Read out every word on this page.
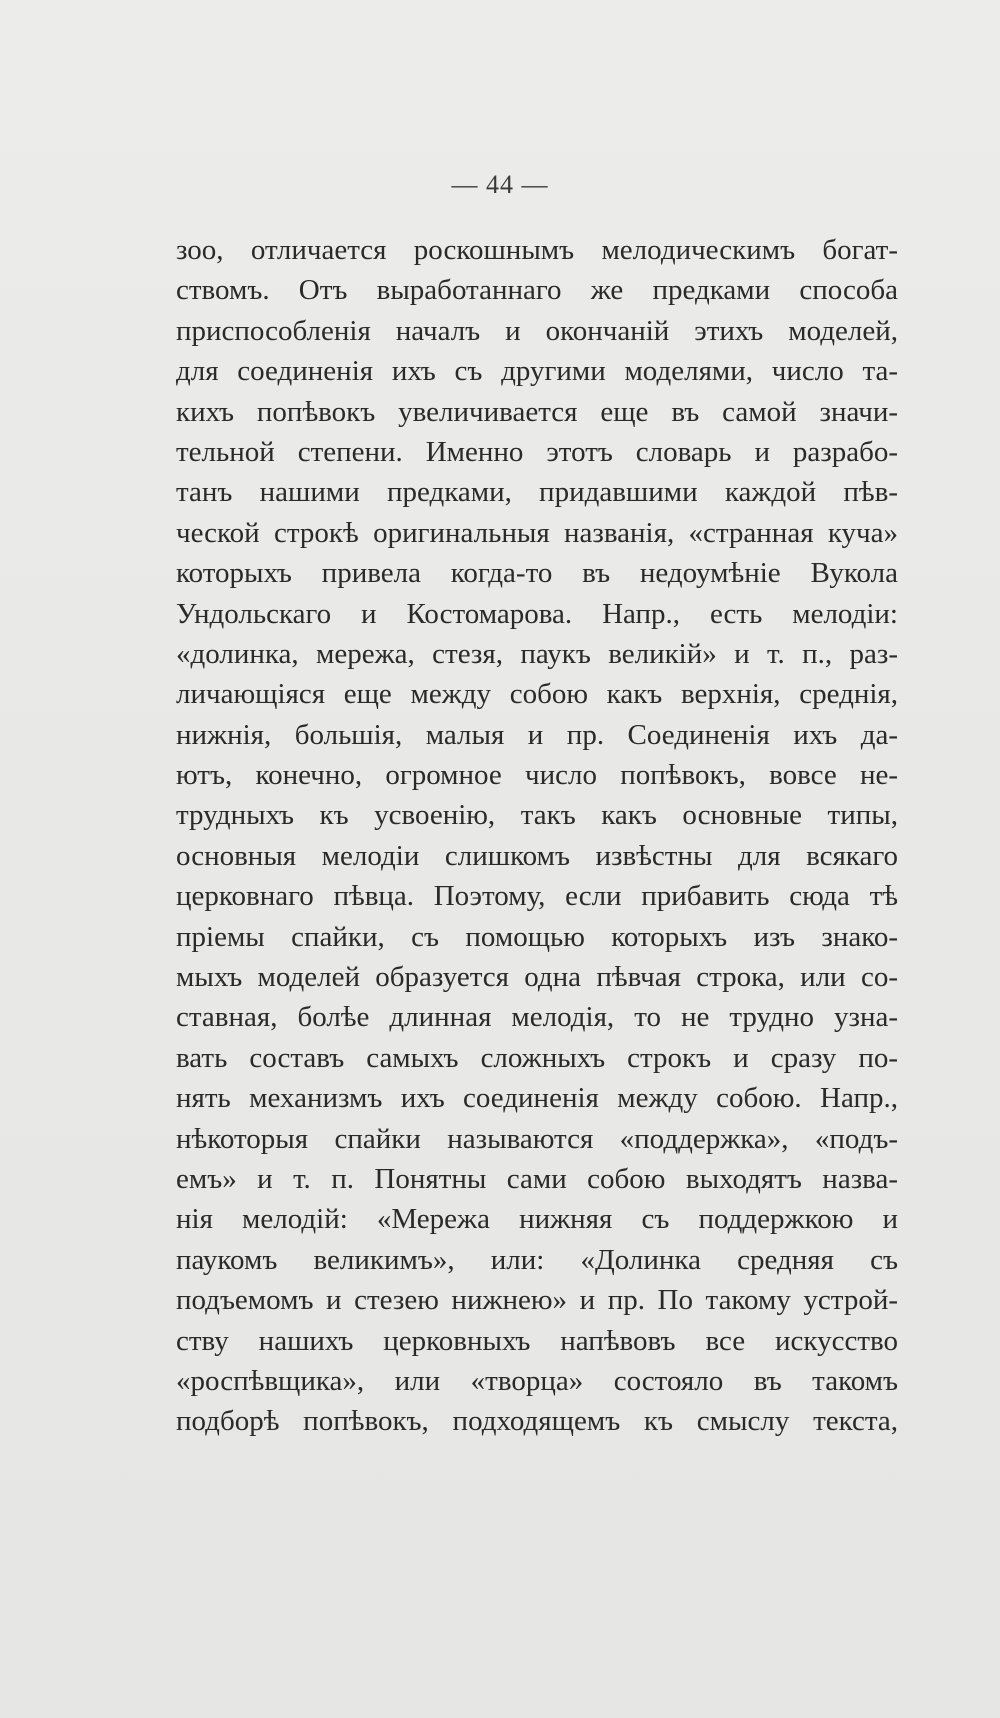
— 44 —
зоо, отличается роскошнымъ мелодическимъ богат-
ствомъ. Отъ выработаннаго же предками способа
приспособленія началъ и окончаній этихъ моделей,
для соединенія ихъ съ другими моделями, число та-
кихъ попѣвокъ увеличивается еще въ самой значи-
тельной степени. Именно этотъ словарь и разрабо-
танъ нашими предками, придавшими каждой пѣв-
ческой строкѣ оригинальныя названія, «странная куча»
которыхъ привела когда-то въ недоумѣніе Вукола
Ундольскаго и Костомарова. Напр., есть мелодіи:
«долинка, мережа, стезя, паукъ великій» и т. п., раз-
личающіяся еще между собою какъ верхнія, среднія,
нижнія, большія, малыя и пр. Соединенія ихъ да-
ютъ, конечно, огромное число попѣвокъ, вовсе не-
трудныхъ къ усвоенію, такъ какъ основные типы,
основныя мелодіи слишкомъ извѣстны для всякаго
церковнаго пѣвца. Поэтому, если прибавить сюда тѣ
пріемы спайки, съ помощью которыхъ изъ знако-
мыхъ моделей образуется одна пѣвчая строка, или со-
ставная, болѣе длинная мелодія, то не трудно узна-
вать составъ самыхъ сложныхъ строкъ и сразу по-
нять механизмъ ихъ соединенія между собою. Напр.,
нѣкоторыя спайки называются «поддержка», «подъ-
емъ» и т. п. Понятны сами собою выходятъ назва-
нія мелодій: «Мережа нижняя съ поддержкою и
паукомъ великимъ», или: «Долинка средняя съ
подъемомъ и стезею нижнею» и пр. По такому устрой-
ству нашихъ церковныхъ напѣвовъ все искусство
«роспѣвщика», или «творца» состояло въ такомъ
подборѣ попѣвокъ, подходящемъ къ смыслу текста,
